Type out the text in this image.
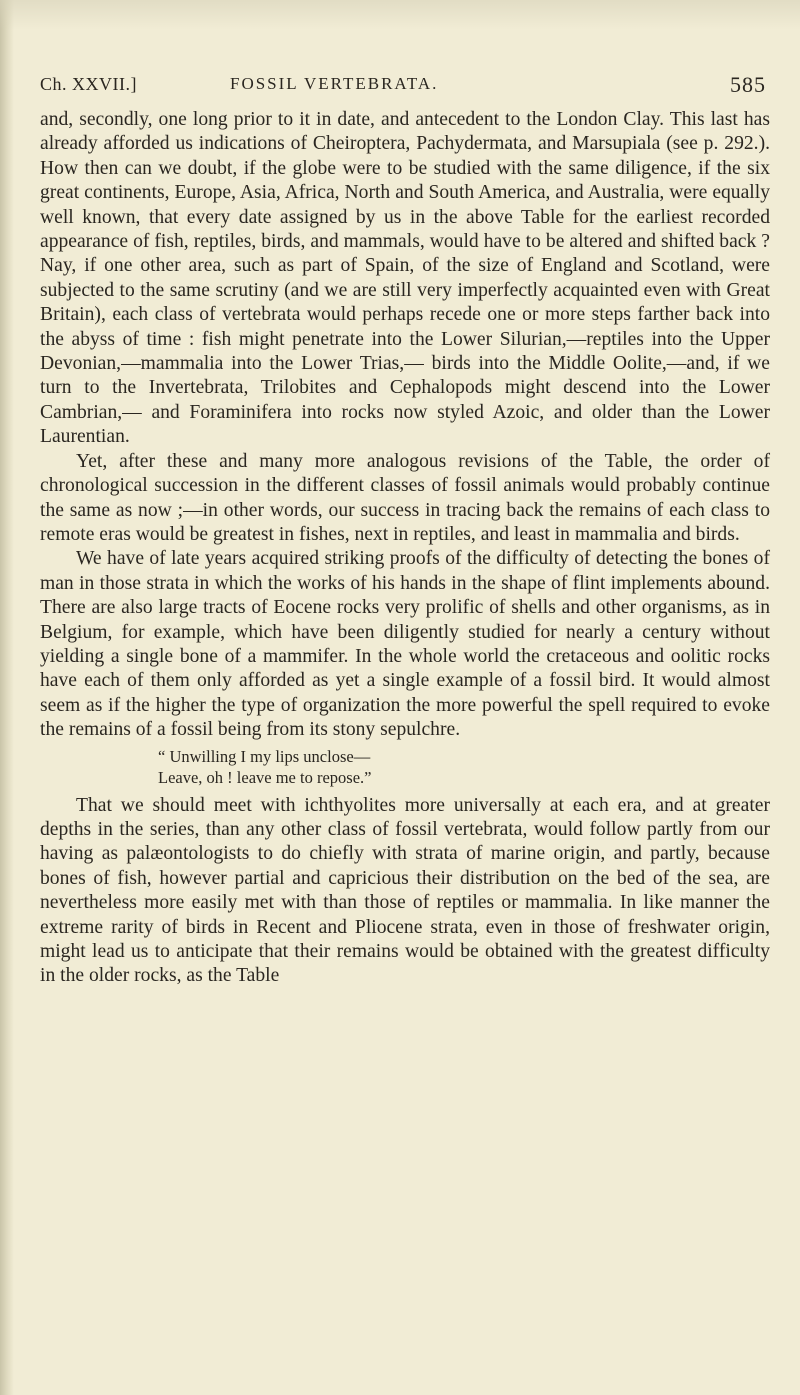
Ch. XXVII.]	FOSSIL VERTEBRATA.	585

and, secondly, one long prior to it in date, and antecedent to the London Clay. This last has already afforded us indications of Cheiroptera, Pachydermata, and Marsupiala (see p. 292.). How then can we doubt, if the globe were to be studied with the same diligence, if the six great continents, Europe, Asia, Africa, North and South America, and Australia, were equally well known, that every date assigned by us in the above Table for the earliest recorded appearance of fish, reptiles, birds, and mammals, would have to be altered and shifted back ? Nay, if one other area, such as part of Spain, of the size of England and Scotland, were subjected to the same scrutiny (and we are still very imperfectly acquainted even with Great Britain), each class of vertebrata would perhaps recede one or more steps farther back into the abyss of time : fish might penetrate into the Lower Silurian,—reptiles into the Upper Devonian,—mammalia into the Lower Trias,— birds into the Middle Oolite,—and, if we turn to the Invertebrata, Trilobites and Cephalopods might descend into the Lower Cambrian,— and Foraminifera into rocks now styled Azoic, and older than the Lower Laurentian.

Yet, after these and many more analogous revisions of the Table, the order of chronological succession in the different classes of fossil animals would probably continue the same as now ;—in other words, our success in tracing back the remains of each class to remote eras would be greatest in fishes, next in reptiles, and least in mammalia and birds.

We have of late years acquired striking proofs of the difficulty of detecting the bones of man in those strata in which the works of his hands in the shape of flint implements abound. There are also large tracts of Eocene rocks very prolific of shells and other organisms, as in Belgium, for example, which have been diligently studied for nearly a century without yielding a single bone of a mammifer. In the whole world the cretaceous and oolitic rocks have each of them only afforded as yet a single example of a fossil bird. It would almost seem as if the higher the type of organization the more powerful the spell required to evoke the remains of a fossil being from its stony sepulchre.

“ Unwilling I my lips unclose—
Leave, oh ! leave me to repose.”

That we should meet with ichthyolites more universally at each era, and at greater depths in the series, than any other class of fossil vertebrata, would follow partly from our having as palæontologists to do chiefly with strata of marine origin, and partly, because bones of fish, however partial and capricious their distribution on the bed of the sea, are nevertheless more easily met with than those of reptiles or mammalia. In like manner the extreme rarity of birds in Recent and Pliocene strata, even in those of freshwater origin, might lead us to anticipate that their remains would be obtained with the greatest difficulty in the older rocks, as the Table
